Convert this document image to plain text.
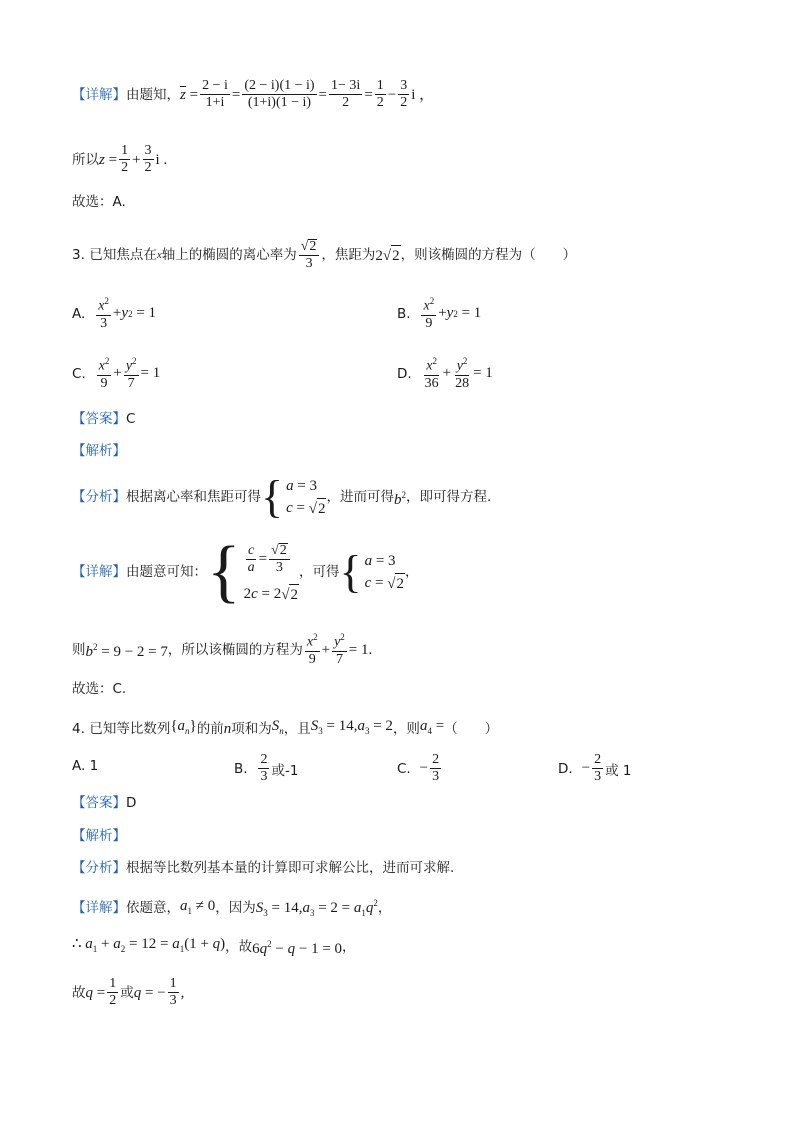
【详解】 由题知， $\overline{z} = \frac{2 - i}{1+i} = \frac{(2 - i)(1 - i)}{(1+i)(1 - i)} = \frac{1- 3i}{2} = \frac{1}{2} - \frac{3}{2}$ i ，
所以 $z = \frac{1}{2} + \frac{3}{2}$ i .
故选：A.
3.
已知焦点在 x 轴上的椭圆的离心率为 $\frac{√ 2}{3}$ ，焦距为 2√ 2 ，则该椭圆的方程为（　　）
A.
$\frac{x^2}{3} + y$ 2 = 1	B.
$\frac{x^2}{9} + y$ 2 = 1
C.
$\frac{x^2}{9} + \frac{y^2}{7} = 1$	D.
$\frac{x^2}{36} + \frac{y^2}{28} = 1$
【答案】 C
【解析】
【分析】 根据离心率和焦距可得 { a = 3
c = √ 2
，进而可得 $b^2$ ，即可得方程.
【详解】 由题意可知： { $\frac{c}{a} = \frac{√ 2}{3}$
2 c = 2 √ 2
，可得 { a = 3
c = √ 2
，
则 $b^2 = 9 - 2 = 7$ ，所以该椭圆的方程为 $\frac{x^2}{9} + \frac{y^2}{7} = 1$.
故选：C.
4.
已知等比数列 $\{a_n\}$ 的前 n 项和为 $S_n$ ，且 $S_3 = 14,a_3 = 2$ ，则 $a_4$ = （　　）
A. 1	B.
$\frac{2}{3}$ 或-1	C.
− $\frac{2}{3}$	D.
− $\frac{2}{3}$ 或 1
【答案】 D
【解析】
【分析】 根据等比数列基本量的计算即可求解公比，进而可求解.
【详解】 依题意， $a_1 \ne 0$ ，因为 $S_3 = 14,a_3 = 2 = a_1q^2$ ，
∴ $a_1 + a_2 = 12 = a_1(1 + q)$ ，故 $6q^2 - q - 1 = 0$ ，
故 $q = \frac{1}{2}$ 或 q = − $\frac{1}{3}$ ,
